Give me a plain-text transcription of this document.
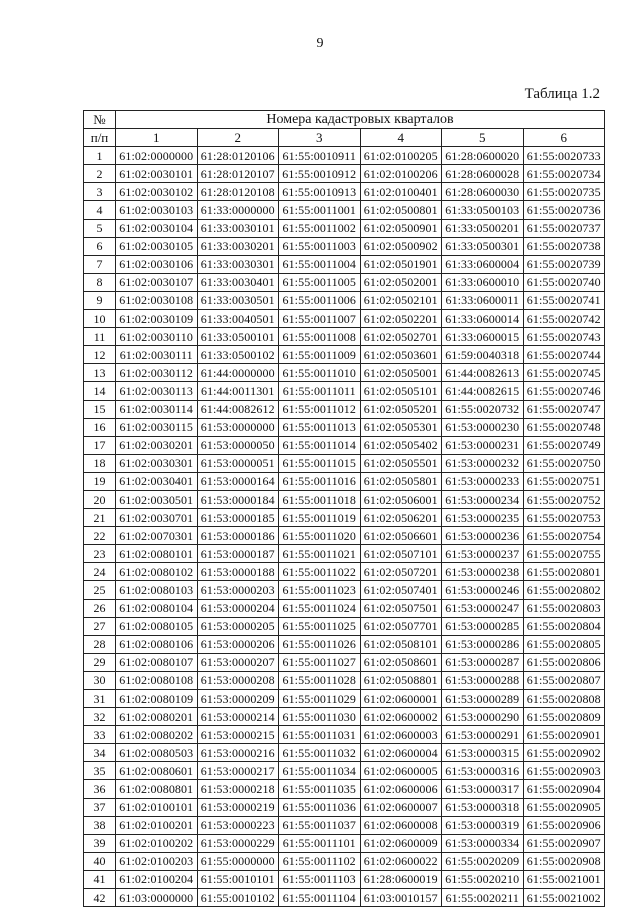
9
Таблица 1.2
№	Номера кадастровых кварталов					
п/п	1	2	3	4	5	6
1	61:02:0000000	61:28:0120106	61:55:0010911	61:02:0100205	61:28:0600020	61:55:0020733
2	61:02:0030101	61:28:0120107	61:55:0010912	61:02:0100206	61:28:0600028	61:55:0020734
3	61:02:0030102	61:28:0120108	61:55:0010913	61:02:0100401	61:28:0600030	61:55:0020735
4	61:02:0030103	61:33:0000000	61:55:0011001	61:02:0500801	61:33:0500103	61:55:0020736
5	61:02:0030104	61:33:0030101	61:55:0011002	61:02:0500901	61:33:0500201	61:55:0020737
6	61:02:0030105	61:33:0030201	61:55:0011003	61:02:0500902	61:33:0500301	61:55:0020738
7	61:02:0030106	61:33:0030301	61:55:0011004	61:02:0501901	61:33:0600004	61:55:0020739
8	61:02:0030107	61:33:0030401	61:55:0011005	61:02:0502001	61:33:0600010	61:55:0020740
9	61:02:0030108	61:33:0030501	61:55:0011006	61:02:0502101	61:33:0600011	61:55:0020741
10	61:02:0030109	61:33:0040501	61:55:0011007	61:02:0502201	61:33:0600014	61:55:0020742
11	61:02:0030110	61:33:0500101	61:55:0011008	61:02:0502701	61:33:0600015	61:55:0020743
12	61:02:0030111	61:33:0500102	61:55:0011009	61:02:0503601	61:59:0040318	61:55:0020744
13	61:02:0030112	61:44:0000000	61:55:0011010	61:02:0505001	61:44:0082613	61:55:0020745
14	61:02:0030113	61:44:0011301	61:55:0011011	61:02:0505101	61:44:0082615	61:55:0020746
15	61:02:0030114	61:44:0082612	61:55:0011012	61:02:0505201	61:55:0020732	61:55:0020747
16	61:02:0030115	61:53:0000000	61:55:0011013	61:02:0505301	61:53:0000230	61:55:0020748
17	61:02:0030201	61:53:0000050	61:55:0011014	61:02:0505402	61:53:0000231	61:55:0020749
18	61:02:0030301	61:53:0000051	61:55:0011015	61:02:0505501	61:53:0000232	61:55:0020750
19	61:02:0030401	61:53:0000164	61:55:0011016	61:02:0505801	61:53:0000233	61:55:0020751
20	61:02:0030501	61:53:0000184	61:55:0011018	61:02:0506001	61:53:0000234	61:55:0020752
21	61:02:0030701	61:53:0000185	61:55:0011019	61:02:0506201	61:53:0000235	61:55:0020753
22	61:02:0070301	61:53:0000186	61:55:0011020	61:02:0506601	61:53:0000236	61:55:0020754
23	61:02:0080101	61:53:0000187	61:55:0011021	61:02:0507101	61:53:0000237	61:55:0020755
24	61:02:0080102	61:53:0000188	61:55:0011022	61:02:0507201	61:53:0000238	61:55:0020801
25	61:02:0080103	61:53:0000203	61:55:0011023	61:02:0507401	61:53:0000246	61:55:0020802
26	61:02:0080104	61:53:0000204	61:55:0011024	61:02:0507501	61:53:0000247	61:55:0020803
27	61:02:0080105	61:53:0000205	61:55:0011025	61:02:0507701	61:53:0000285	61:55:0020804
28	61:02:0080106	61:53:0000206	61:55:0011026	61:02:0508101	61:53:0000286	61:55:0020805
29	61:02:0080107	61:53:0000207	61:55:0011027	61:02:0508601	61:53:0000287	61:55:0020806
30	61:02:0080108	61:53:0000208	61:55:0011028	61:02:0508801	61:53:0000288	61:55:0020807
31	61:02:0080109	61:53:0000209	61:55:0011029	61:02:0600001	61:53:0000289	61:55:0020808
32	61:02:0080201	61:53:0000214	61:55:0011030	61:02:0600002	61:53:0000290	61:55:0020809
33	61:02:0080202	61:53:0000215	61:55:0011031	61:02:0600003	61:53:0000291	61:55:0020901
34	61:02:0080503	61:53:0000216	61:55:0011032	61:02:0600004	61:53:0000315	61:55:0020902
35	61:02:0080601	61:53:0000217	61:55:0011034	61:02:0600005	61:53:0000316	61:55:0020903
36	61:02:0080801	61:53:0000218	61:55:0011035	61:02:0600006	61:53:0000317	61:55:0020904
37	61:02:0100101	61:53:0000219	61:55:0011036	61:02:0600007	61:53:0000318	61:55:0020905
38	61:02:0100201	61:53:0000223	61:55:0011037	61:02:0600008	61:53:0000319	61:55:0020906
39	61:02:0100202	61:53:0000229	61:55:0011101	61:02:0600009	61:53:0000334	61:55:0020907
40	61:02:0100203	61:55:0000000	61:55:0011102	61:02:0600022	61:55:0020209	61:55:0020908
41	61:02:0100204	61:55:0010101	61:55:0011103	61:28:0600019	61:55:0020210	61:55:0021001
42	61:03:0000000	61:55:0010102	61:55:0011104	61:03:0010157	61:55:0020211	61:55:0021002
